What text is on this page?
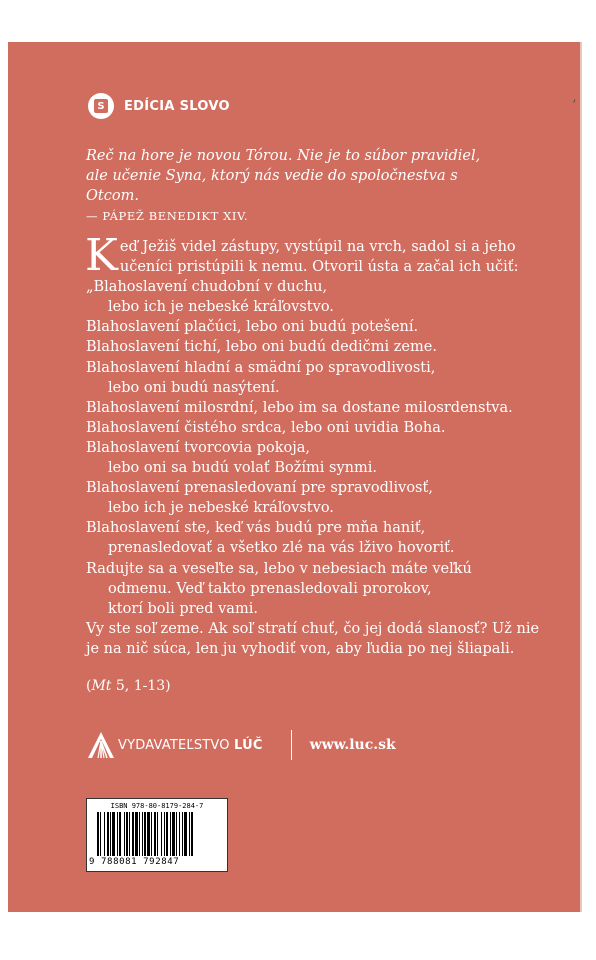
’
S EDÍCIA SLOVO
Reč na hore je novou Tórou. Nie je to súbor pravidiel,
ale učenie Syna, ktorý nás vedie do spoločnestva s Otcom.
— PÁPEŽ BENEDIKT XIV.
K eď Ježiš videl zástupy, vystúpil na vrch, sadol si a jeho
učeníci pristúpili k nemu. Otvoril ústa a začal ich učiť:
„Blahoslavení chudobní v duchu,
lebo ich je nebeské kráľovstvo.
Blahoslavení plačúci, lebo oni budú potešení.
Blahoslavení tichí, lebo oni budú dedičmi zeme.
Blahoslavení hladní a smädní po spravodlivosti,
lebo oni budú nasýtení.
Blahoslavení milosrdní, lebo im sa dostane milosrdenstva.
Blahoslavení čistého srdca, lebo oni uvidia Boha.
Blahoslavení tvorcovia pokoja,
lebo oni sa budú volať Božími synmi.
Blahoslavení prenasledovaní pre spravodlivosť,
lebo ich je nebeské kráľovstvo.
Blahoslavení ste, keď vás budú pre mňa haniť,
prenasledovať a všetko zlé na vás lživo hovoriť.
Radujte sa a veseľte sa, lebo v nebesiach máte veľkú
odmenu. Veď takto prenasledovali prorokov,
ktorí boli pred vami.
Vy ste soľ zeme. Ak soľ stratí chuť, čo jej dodá slanosť? Už nie
je na nič súca, len ju vyhodiť von, aby ľudia po nej šliapali.
(Mt 5, 1-13)
VYDAVATEĽSTVO LÚČ	www.luc.sk
ISBN 978-80-8179-284-7
9 788081 792847
